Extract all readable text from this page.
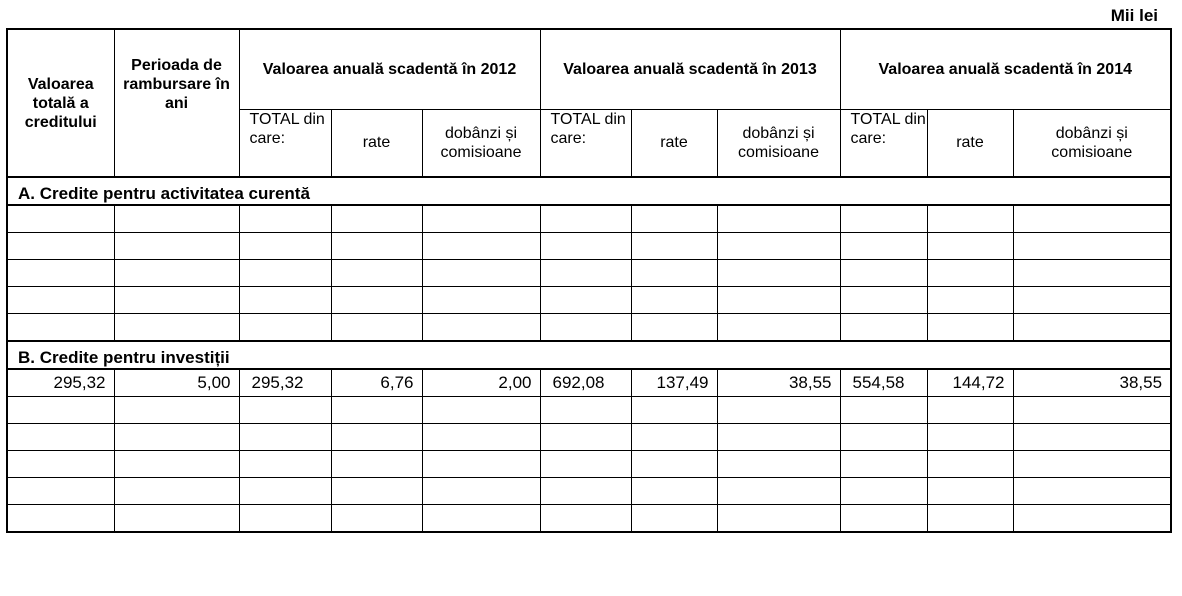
Mii lei
Valoarea totală a creditului	Perioada de rambursare în ani	Valoarea anuală scadentă în 2012			Valoarea anuală scadentă în 2013			Valoarea anuală scadentă în 2014		
		TOTAL din care:	rate	dobânzi și comisioane	TOTAL din care:	rate	dobânzi și comisioane	TOTAL din care:	rate	dobânzi și comisioane
A. Credite pentru activitatea curentă										

B. Credite pentru investiții										
295,32	5,00	295,32	6,76	2,00	692,08	137,49	38,55	554,58	144,72	38,55
